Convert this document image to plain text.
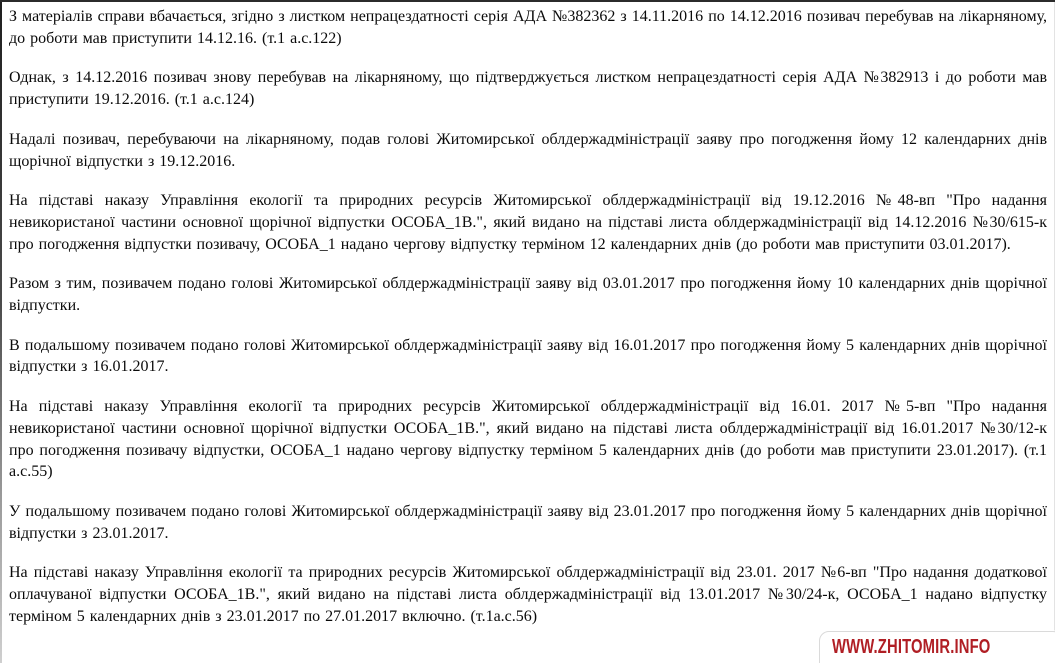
З матеріалів справи вбачається, згідно з листком непрацездатності серія АДА №382362 з 14.11.2016 по 14.12.2016 позивач перебував на лікарняному, до роботи мав приступити 14.12.16. (т.1 а.с.122)

Однак, з 14.12.2016 позивач знову перебував на лікарняному, що підтверджується листком непрацездатності серія АДА №382913 і до роботи мав приступити 19.12.2016. (т.1 а.с.124)

Надалі позивач, перебуваючи на лікарняному, подав голові Житомирської облдержадміністрації заяву про погодження йому 12 календарних днів щорічної відпустки з 19.12.2016.

На підставі наказу Управління екології та природних ресурсів Житомирської облдержадміністрації від 19.12.2016 №48-вп "Про надання невикористаної частини основної щорічної відпустки ОСОБА_1В.", який видано на підставі листа облдержадміністрації від 14.12.2016 №30/615-к про погодження відпустки позивачу, ОСОБА_1 надано чергову відпустку терміном 12 календарних днів (до роботи мав приступити 03.01.2017).

Разом з тим, позивачем подано голові Житомирської облдержадміністрації заяву від 03.01.2017 про погодження йому 10 календарних днів щорічної відпустки.

В подальшому позивачем подано голові Житомирської облдержадміністрації заяву від 16.01.2017 про погодження йому 5 календарних днів щорічної відпустки з 16.01.2017.

На підставі наказу Управління екології та природних ресурсів Житомирської облдержадміністрації від 16.01. 2017 №5-вп "Про надання невикористаної частини основної щорічної відпустки ОСОБА_1В.", який видано на підставі листа облдержадміністрації від 16.01.2017 №30/12-к про погодження позивачу відпустки, ОСОБА_1 надано чергову відпустку терміном 5 календарних днів (до роботи мав приступити 23.01.2017). (т.1 а.с.55)

У подальшому позивачем подано голові Житомирської облдержадміністрації заяву від 23.01.2017 про погодження йому 5 календарних днів щорічної відпустки з 23.01.2017.

На підставі наказу Управління екології та природних ресурсів Житомирської облдержадміністрації від 23.01. 2017 №6-вп "Про надання додаткової оплачуваної відпустки ОСОБА_1В.", який видано на підставі листа облдержадміністрації від 13.01.2017 №30/24-к, ОСОБА_1 надано відпустку терміном 5 календарних днів з 23.01.2017 по 27.01.2017 включно. (т.1а.с.56)

WWW.ZHITOMIR.INFO
